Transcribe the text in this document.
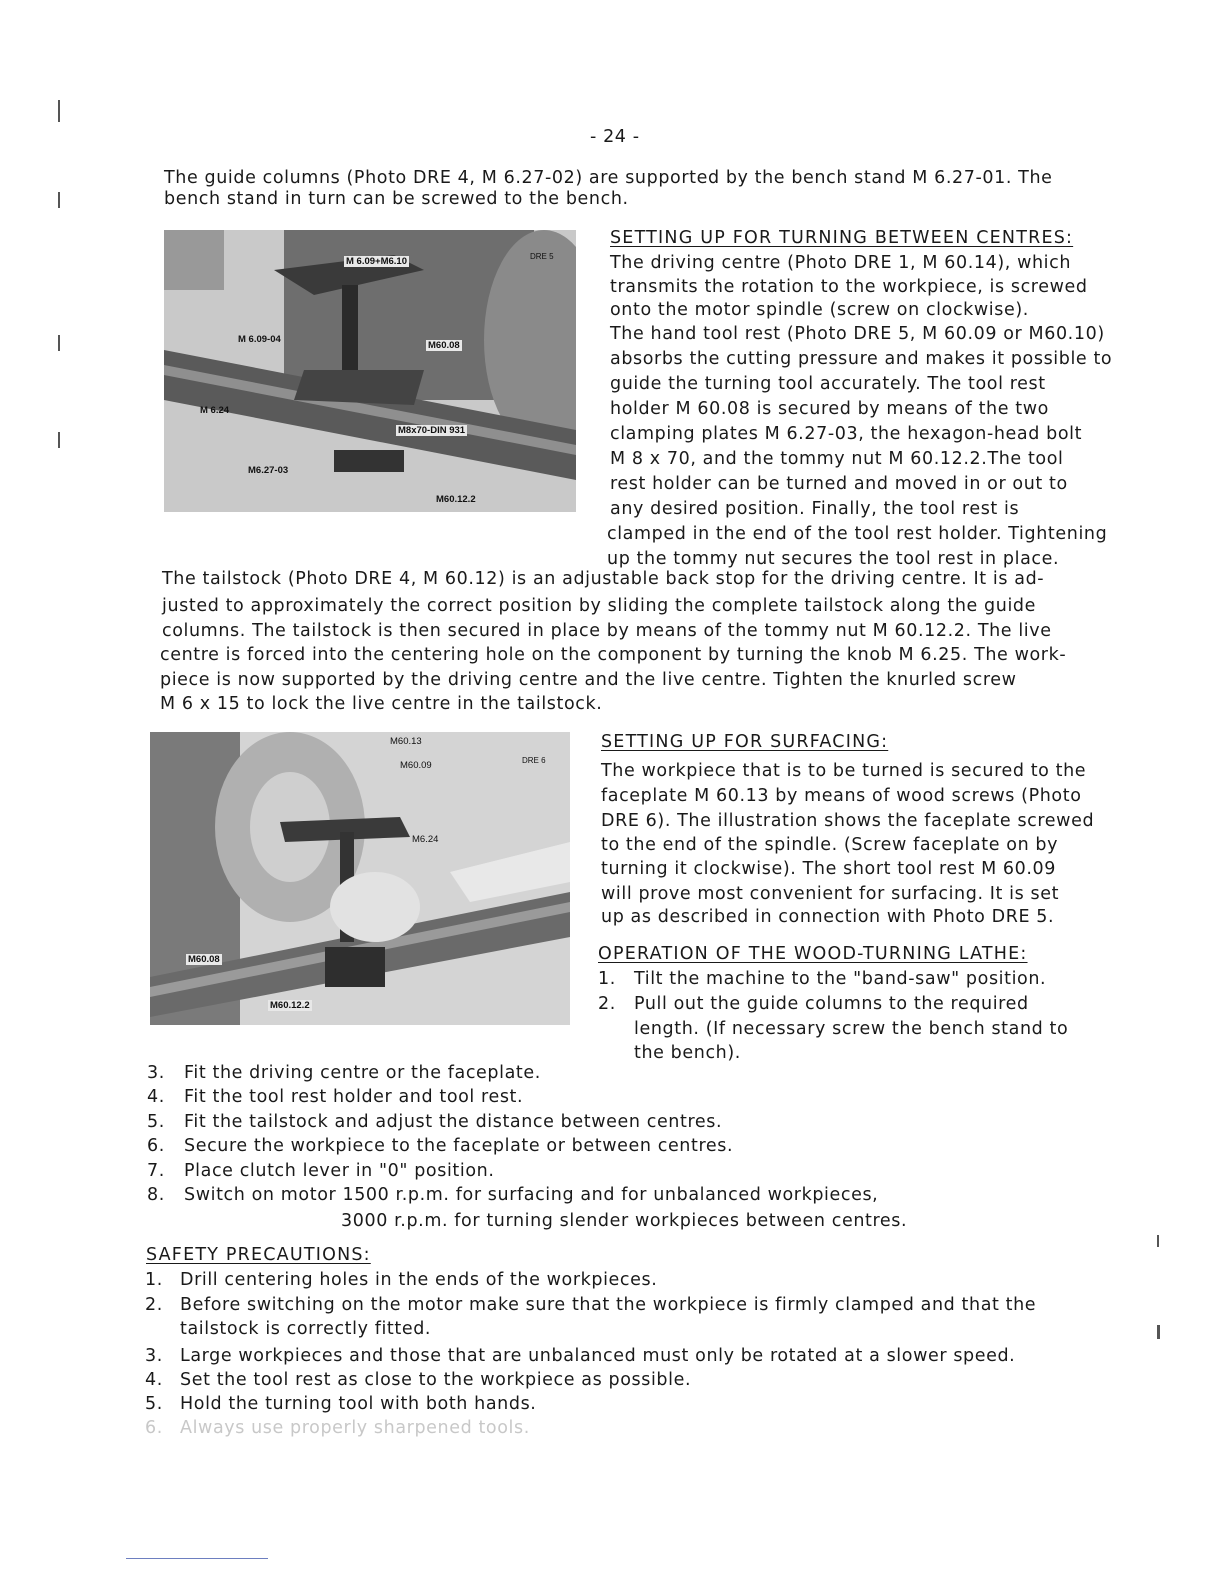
- 24 -
The guide columns (Photo DRE 4, M 6.27-02) are supported by the bench stand M 6.27-01. The
bench stand in turn can be screwed to the bench.
M 6.09+M6.10
M 6.09-04
M60.08
M 6.24
M8x70-DIN 931
M6.27-03
M60.12.2
DRE 5
SETTING UP FOR TURNING BETWEEN CENTRES:
The driving centre (Photo DRE 1, M 60.14), which
transmits the rotation to the workpiece, is screwed
onto the motor spindle (screw on clockwise).
The hand tool rest (Photo DRE 5, M 60.09 or M60.10)
absorbs the cutting pressure and makes it possible to
guide the turning tool accurately. The tool rest
holder M 60.08 is secured by means of the two
clamping plates M 6.27-03, the hexagon-head bolt
M 8 x 70, and the tommy nut M 60.12.2.The tool
rest holder can be turned and moved in or out to
any desired position. Finally, the tool rest is
clamped in the end of the tool rest holder. Tightening
up the tommy nut secures the tool rest in place.
The tailstock (Photo DRE 4, M 60.12) is an adjustable back stop for the driving centre. It is ad-
justed to approximately the correct position by sliding the complete tailstock along the guide
columns. The tailstock is then secured in place by means of the tommy nut M 60.12.2. The live
centre is forced into the centering hole on the component by turning the knob M 6.25. The work-
piece is now supported by the driving centre and the live centre. Tighten the knurled screw
M 6 x 15 to lock the live centre in the tailstock.
M60.13
M60.09
M6.24
M60.08
M60.12.2
DRE 6
SETTING UP FOR SURFACING:
The workpiece that is to be turned is secured to the
faceplate M 60.13 by means of wood screws (Photo
DRE 6). The illustration shows the faceplate screwed
to the end of the spindle. (Screw faceplate on by
turning it clockwise). The short tool rest M 60.09
will prove most convenient for surfacing. It is set
up as described in connection with Photo DRE 5.
OPERATION OF THE WOOD-TURNING LATHE:
1. Tilt the machine to the "band-saw" position.
2. Pull out the guide columns to the required
length. (If necessary screw the bench stand to
the bench).
3. Fit the driving centre or the faceplate.
4. Fit the tool rest holder and tool rest.
5. Fit the tailstock and adjust the distance between centres.
6. Secure the workpiece to the faceplate or between centres.
7. Place clutch lever in "0" position.
8. Switch on motor 1500 r.p.m. for surfacing and for unbalanced workpieces,
3000 r.p.m. for turning slender workpieces between centres.
SAFETY PRECAUTIONS:
1. Drill centering holes in the ends of the workpieces.
2. Before switching on the motor make sure that the workpiece is firmly clamped and that the
tailstock is correctly fitted.
3. Large workpieces and those that are unbalanced must only be rotated at a slower speed.
4. Set the tool rest as close to the workpiece as possible.
5. Hold the turning tool with both hands.
6. Always use properly sharpened tools.
